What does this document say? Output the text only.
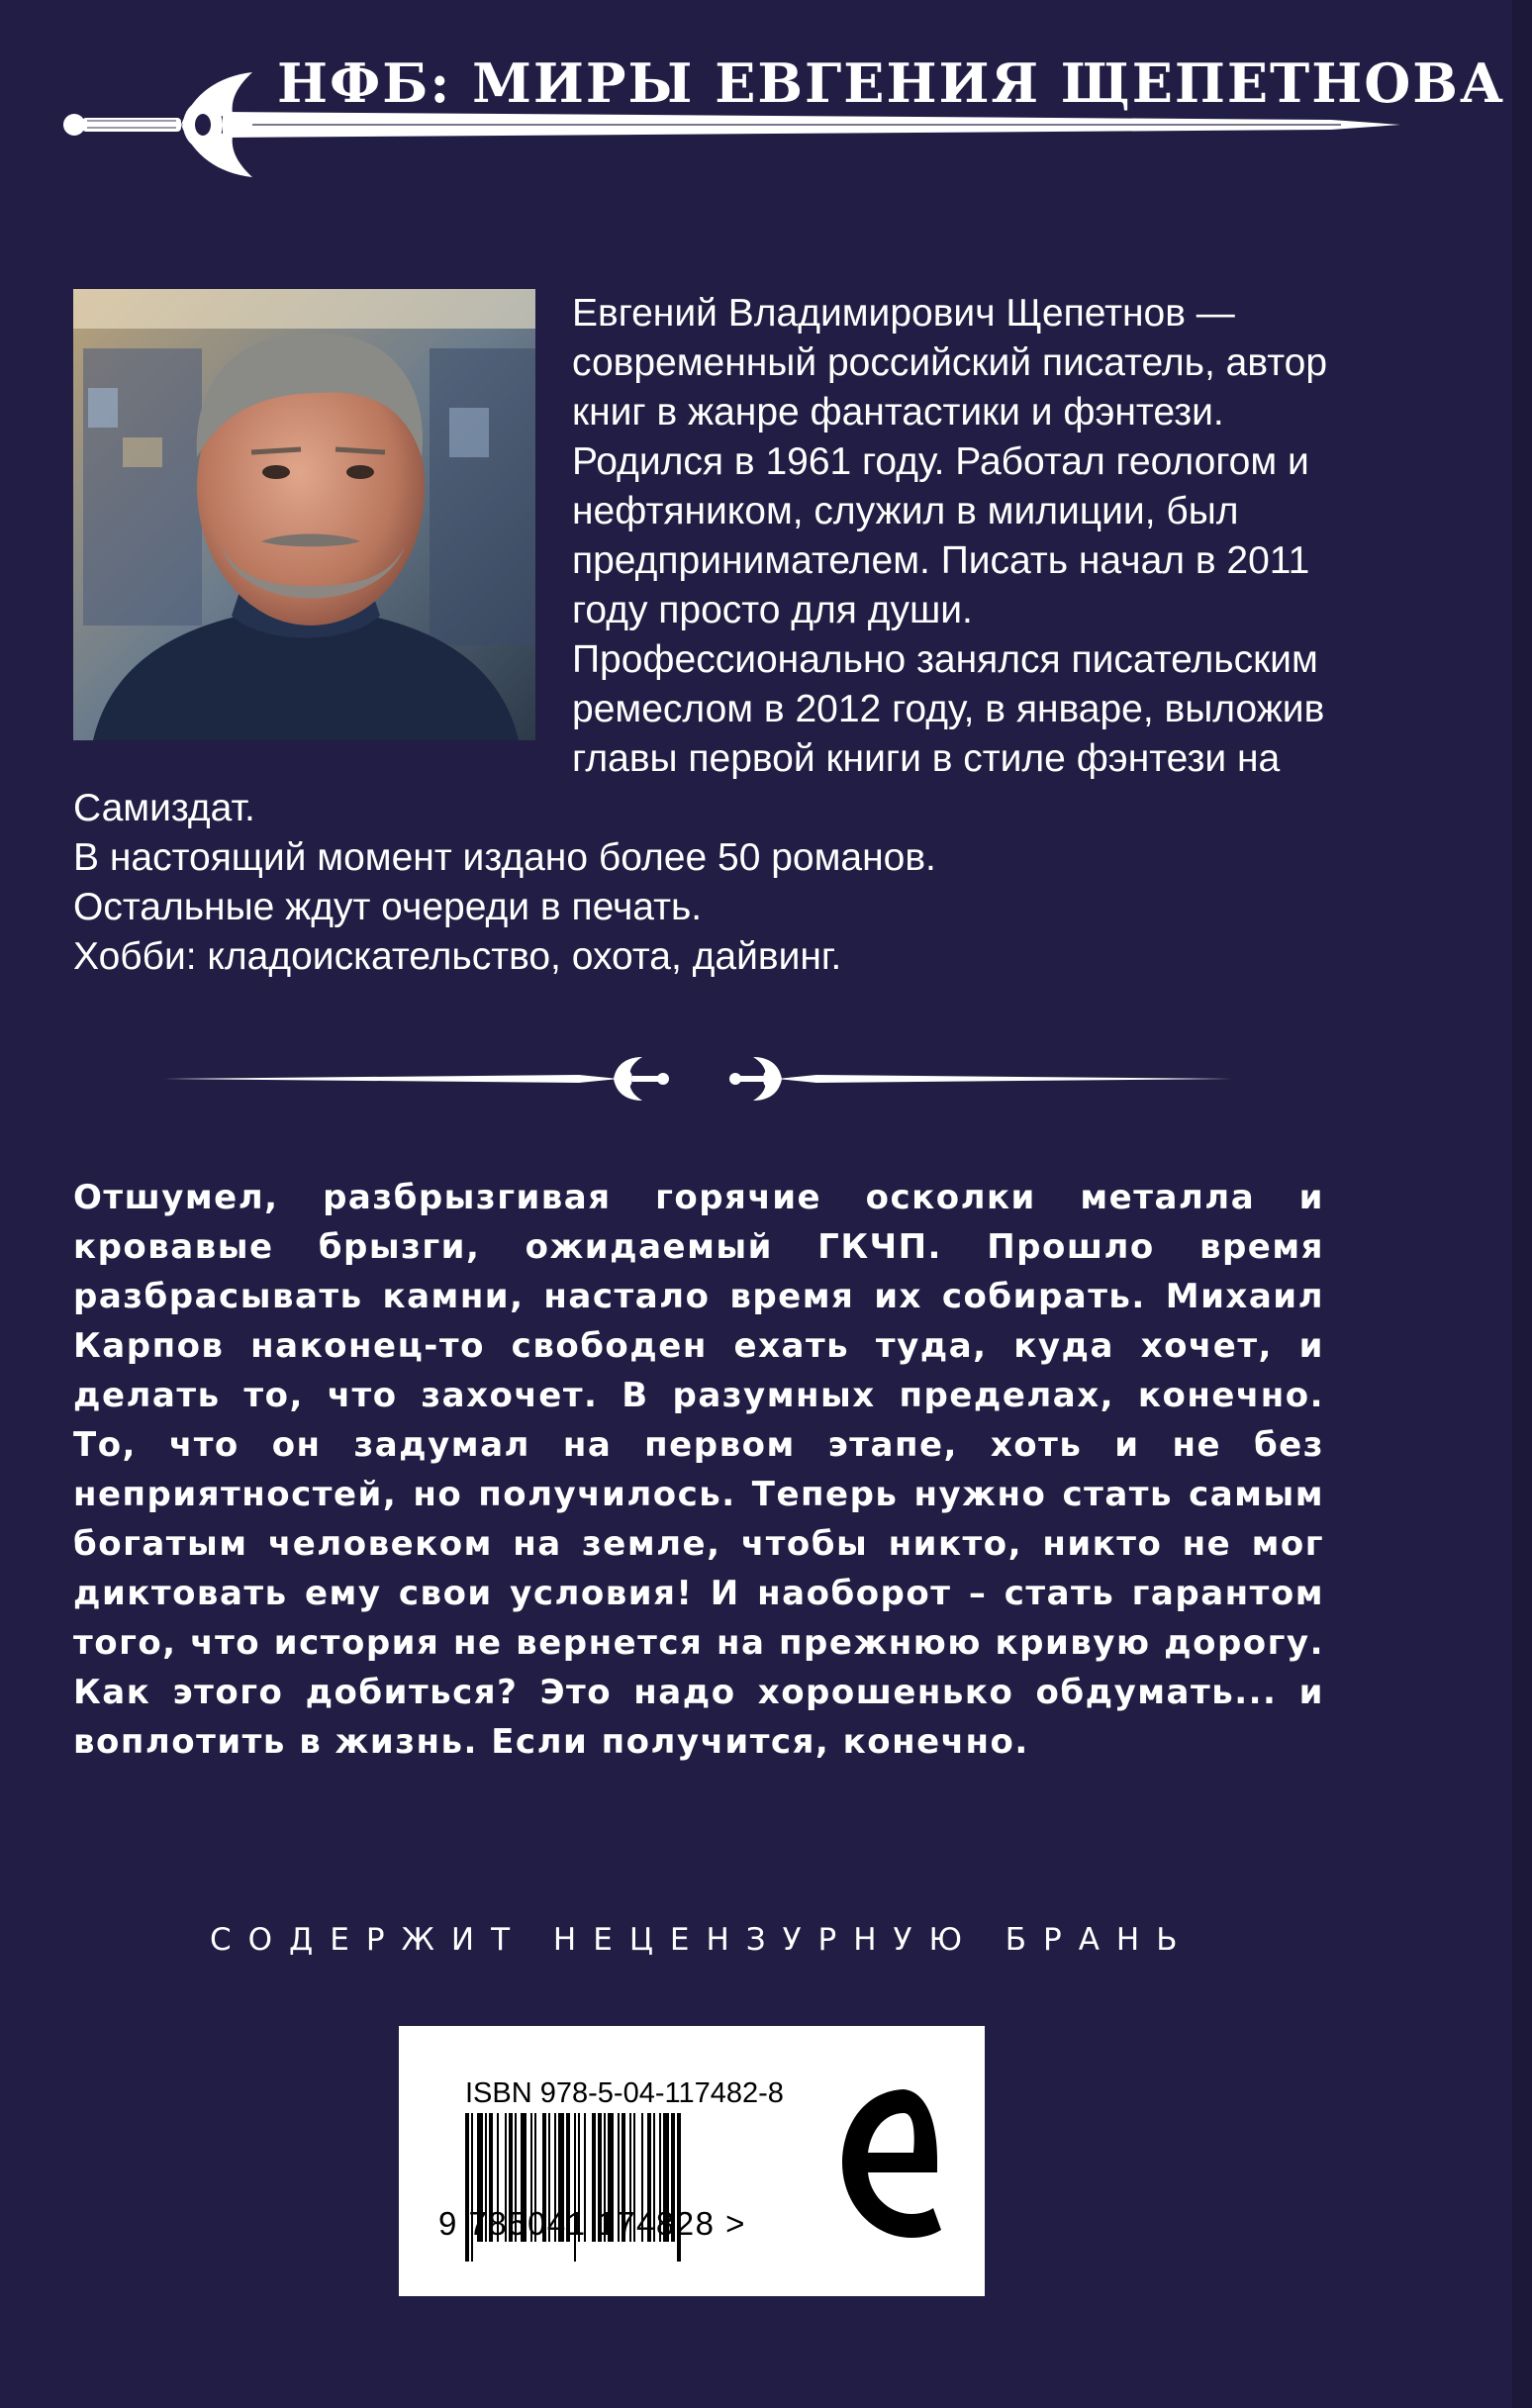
НФБ: МИРЫ ЕВГЕНИЯ ЩЕПЕТНОВА

Евгений Владимирович Щепетнов — современный российский писатель, автор книг в жанре фантастики и фэнтези. Родился в 1961 году. Работал геологом и нефтяником, служил в милиции, был предпринимателем. Писать начал в 2011 году просто для души.

Профессионально занялся писательским ремеслом в 2012 году, в январе, выложив главы первой книги в стиле фэнтези на Самиздат.

В настоящий момент издано более 50 романов.

Остальные ждут очереди в печать.

Хобби: кладоискательство, охота, дайвинг.

Отшумел, разбрызгивая горячие осколки металла и кровавые брызги, ожидаемый ГКЧП. Прошло время разбрасывать камни, настало время их собирать. Михаил Карпов наконец-то свободен ехать туда, куда хочет, и делать то, что захочет. В разумных пределах, конечно. То, что он задумал на первом этапе, хоть и не без неприятностей, но получилось. Теперь нужно стать самым богатым человеком на земле, чтобы никто, никто не мог диктовать ему свои условия! И наоборот – стать гарантом того, что история не вернется на прежнюю кривую дорогу. Как этого добиться? Это надо хорошенько обдумать... и воплотить в жизнь. Если получится, конечно.
СОДЕРЖИТ НЕЦЕНЗУРНУЮ БРАНЬ
ISBN 978-5-04-117482-8
9 785041 174828 >
